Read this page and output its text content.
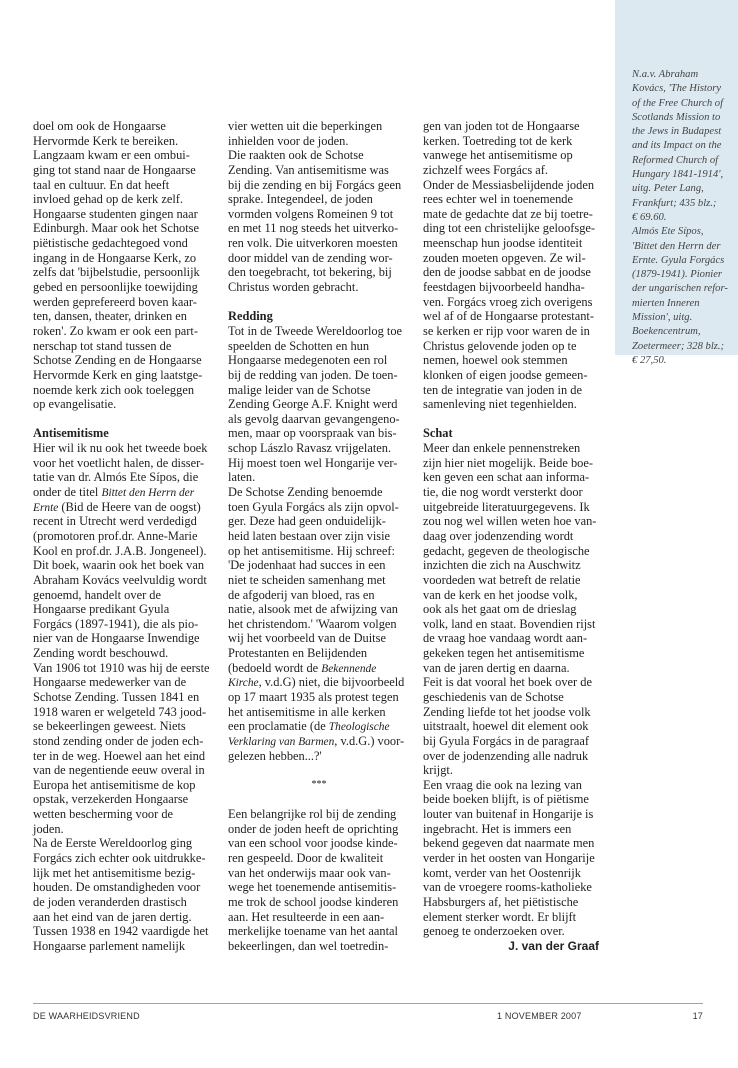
N.a.v. Abraham
Kovács, 'The History
of the Free Church of
Scotlands Mission to
the Jews in Budapest
and its Impact on the
Reformed Church of
Hungary 1841-1914',
uitg. Peter Lang,
Frankfurt; 435 blz.;
€ 69.60.
Almós Ete Sípos,
'Bittet den Herrn der
Ernte. Gyula Forgács
(1879-1941). Pionier
der ungarischen refor-
mierten Inneren
Mission', uitg.
Boekencentrum,
Zoetermeer; 328 blz.;
€ 27,50.
doel om ook de Hongaarse
Hervormde Kerk te bereiken.
Langzaam kwam er een ombui-
ging tot stand naar de Hongaarse
taal en cultuur. En dat heeft
invloed gehad op de kerk zelf.
Hongaarse studenten gingen naar
Edinburgh. Maar ook het Schotse
piëtistische gedachtegoed vond
ingang in de Hongaarse Kerk, zo
zelfs dat 'bijbelstudie, persoonlijk
gebed en persoonlijke toewijding
werden geprefereerd boven kaar-
ten, dansen, theater, drinken en
roken'. Zo kwam er ook een part-
nerschap tot stand tussen de
Schotse Zending en de Hongaarse
Hervormde Kerk en ging laatstge-
noemde kerk zich ook toeleggen
op evangelisatie.
Antisemitisme
Hier wil ik nu ook het tweede boek
voor het voetlicht halen, de disser-
tatie van dr. Almós Ete Sípos, die
onder de titel Bittet den Herrn der
Ernte (Bid de Heere van de oogst)
recent in Utrecht werd verdedigd
(promotoren prof.dr. Anne-Marie
Kool en prof.dr. J.A.B. Jongeneel).
Dit boek, waarin ook het boek van
Abraham Kovács veelvuldig wordt
genoemd, handelt over de
Hongaarse predikant Gyula
Forgács (1897-1941), die als pio-
nier van de Hongaarse Inwendige
Zending wordt beschouwd.
Van 1906 tot 1910 was hij de eerste
Hongaarse medewerker van de
Schotse Zending. Tussen 1841 en
1918 waren er welgeteld 743 jood-
se bekeerlingen geweest. Niets
stond zending onder de joden ech-
ter in de weg. Hoewel aan het eind
van de negentiende eeuw overal in
Europa het antisemitisme de kop
opstak, verzekerden Hongaarse
wetten bescherming voor de
joden.
Na de Eerste Wereldoorlog ging
Forgács zich echter ook uitdrukke-
lijk met het antisemitisme bezig-
houden. De omstandigheden voor
de joden veranderden drastisch
aan het eind van de jaren dertig.
Tussen 1938 en 1942 vaardigde het
Hongaarse parlement namelijk
vier wetten uit die beperkingen
inhielden voor de joden.
Die raakten ook de Schotse
Zending. Van antisemitisme was
bij die zending en bij Forgács geen
sprake. Integendeel, de joden
vormden volgens Romeinen 9 tot
en met 11 nog steeds het uitverko-
ren volk. Die uitverkoren moesten
door middel van de zending wor-
den toegebracht, tot bekering, bij
Christus worden gebracht.
Redding
Tot in de Tweede Wereldoorlog toe
speelden de Schotten en hun
Hongaarse medegenoten een rol
bij de redding van joden. De toen-
malige leider van de Schotse
Zending George A.F. Knight werd
als gevolg daarvan gevangengeno-
men, maar op voorspraak van bis-
schop Lászlo Ravasz vrijgelaten.
Hij moest toen wel Hongarije ver-
laten.
De Schotse Zending benoemde
toen Gyula Forgács als zijn opvol-
ger. Deze had geen onduidelijk-
heid laten bestaan over zijn visie
op het antisemitisme. Hij schreef:
'De jodenhaat had succes in een
niet te scheiden samenhang met
de afgoderij van bloed, ras en
natie, alsook met de afwijzing van
het christendom.' 'Waarom volgen
wij het voorbeeld van de Duitse
Protestanten en Belijdenden
(bedoeld wordt de Bekennende
Kirche, v.d.G) niet, die bijvoorbeeld
op 17 maart 1935 als protest tegen
het antisemitisme in alle kerken
een proclamatie (de Theologische
Verklaring van Barmen, v.d.G.) voor-
gelezen hebben...?'
***
Een belangrijke rol bij de zending
onder de joden heeft de oprichting
van een school voor joodse kinde-
ren gespeeld. Door de kwaliteit
van het onderwijs maar ook van-
wege het toenemende antisemitis-
me trok de school joodse kinderen
aan. Het resulteerde in een aan-
merkelijke toename van het aantal
bekeerlingen, dan wel toetredin-
gen van joden tot de Hongaarse
kerken. Toetreding tot de kerk
vanwege het antisemitisme op
zichzelf wees Forgács af.
Onder de Messiasbelijdende joden
rees echter wel in toenemende
mate de gedachte dat ze bij toetre-
ding tot een christelijke geloofsge-
meenschap hun joodse identiteit
zouden moeten opgeven. Ze wil-
den de joodse sabbat en de joodse
feestdagen bijvoorbeeld handha-
ven. Forgács vroeg zich overigens
wel af of de Hongaarse protestant-
se kerken er rijp voor waren de in
Christus gelovende joden op te
nemen, hoewel ook stemmen
klonken of eigen joodse gemeen-
ten de integratie van joden in de
samenleving niet tegenhielden.
Schat
Meer dan enkele pennenstreken
zijn hier niet mogelijk. Beide boe-
ken geven een schat aan informa-
tie, die nog wordt versterkt door
uitgebreide literatuurgegevens. Ik
zou nog wel willen weten hoe van-
daag over jodenzending wordt
gedacht, gegeven de theologische
inzichten die zich na Auschwitz
voordeden wat betreft de relatie
van de kerk en het joodse volk,
ook als het gaat om de drieslag
volk, land en staat. Bovendien rijst
de vraag hoe vandaag wordt aan-
gekeken tegen het antisemitisme
van de jaren dertig en daarna.
Feit is dat vooral het boek over de
geschiedenis van de Schotse
Zending liefde tot het joodse volk
uitstraalt, hoewel dit element ook
bij Gyula Forgács in de paragraaf
over de jodenzending alle nadruk
krijgt.
Een vraag die ook na lezing van
beide boeken blijft, is of piëtisme
louter van buitenaf in Hongarije is
ingebracht. Het is immers een
bekend gegeven dat naarmate men
verder in het oosten van Hongarije
komt, verder van het Oostenrijk
van de vroegere rooms-katholieke
Habsburgers af, het piëtistische
element sterker wordt. Er blijft
genoeg te onderzoeken over.
J. van der Graaf
DE WAARHEIDSVRIEND	1 NOVEMBER 2007	17
